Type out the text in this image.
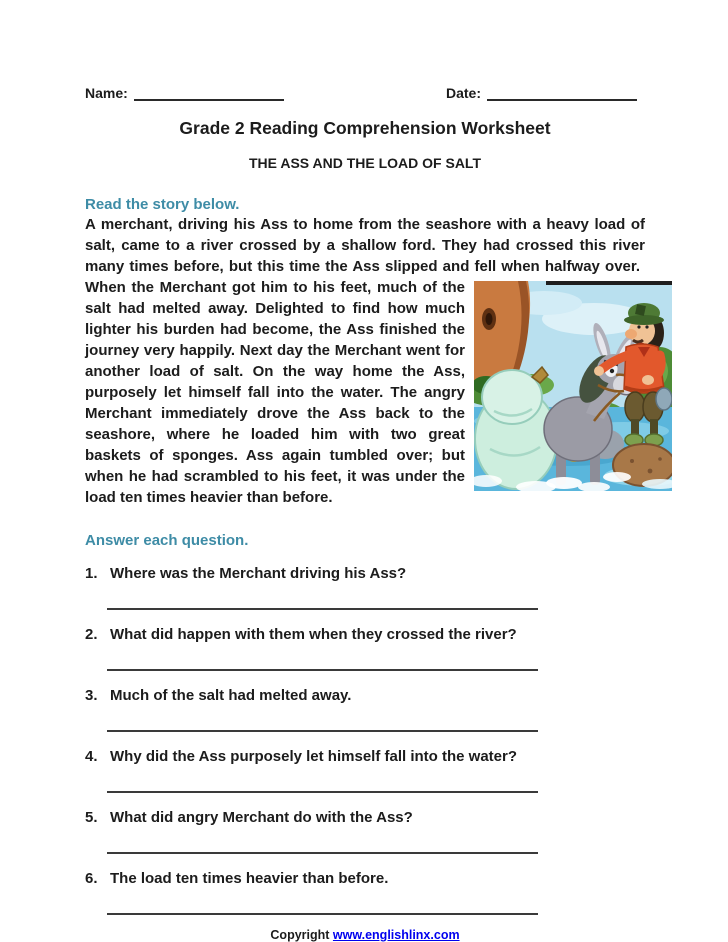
Name:	Date:
Grade 2 Reading Comprehension Worksheet
THE ASS AND THE LOAD OF SALT
Read the story below.
A merchant, driving his Ass to home from the seashore with a heavy load of salt, came to a river crossed by a shallow ford. They had crossed this river many times before, but this time the Ass slipped and fell when halfway over.
When the Merchant got him to his feet, much of the salt had melted away. Delighted to find how much lighter his burden had become, the Ass finished the journey very happily. Next day the Merchant went for another load of salt. On the way home the Ass, purposely let himself fall into the water. The angry Merchant immediately drove the Ass back to the seashore, where he loaded him with two great baskets of sponges. Ass again tumbled over; but when he had scrambled to his feet, it was under the load ten times heavier than before.
Answer each question.
1. Where was the Merchant driving his Ass?
2. What did happen with them when they crossed the river?
3. Much of the salt had melted away.
4. Why did the Ass purposely let himself fall into the water?
5. What did angry Merchant do with the Ass?
6. The load ten times heavier than before.
Copyright www.englishlinx.com
